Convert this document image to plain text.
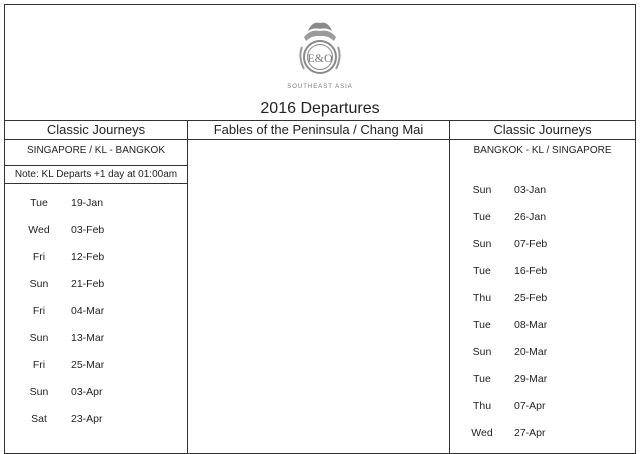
E&O
SOUTHEAST ASIA
2016 Departures
Classic Journeys	Fables of the Peninsula / Chang Mai	Classic Journeys
SINGAPORE / KL - BANGKOK
Note: KL Departs +1 day at 01:00am
Tue	19-Jan
Wed	03-Feb
Fri	12-Feb
Sun	21-Feb
Fri	04-Mar
Sun	13-Mar
Fri	25-Mar
Sun	03-Apr
Sat	23-Apr
BANGKOK - KL / SINGAPORE
Sun	03-Jan
Tue	26-Jan
Sun	07-Feb
Tue	16-Feb
Thu	25-Feb
Tue	08-Mar
Sun	20-Mar
Tue	29-Mar
Thu	07-Apr
Wed	27-Apr
